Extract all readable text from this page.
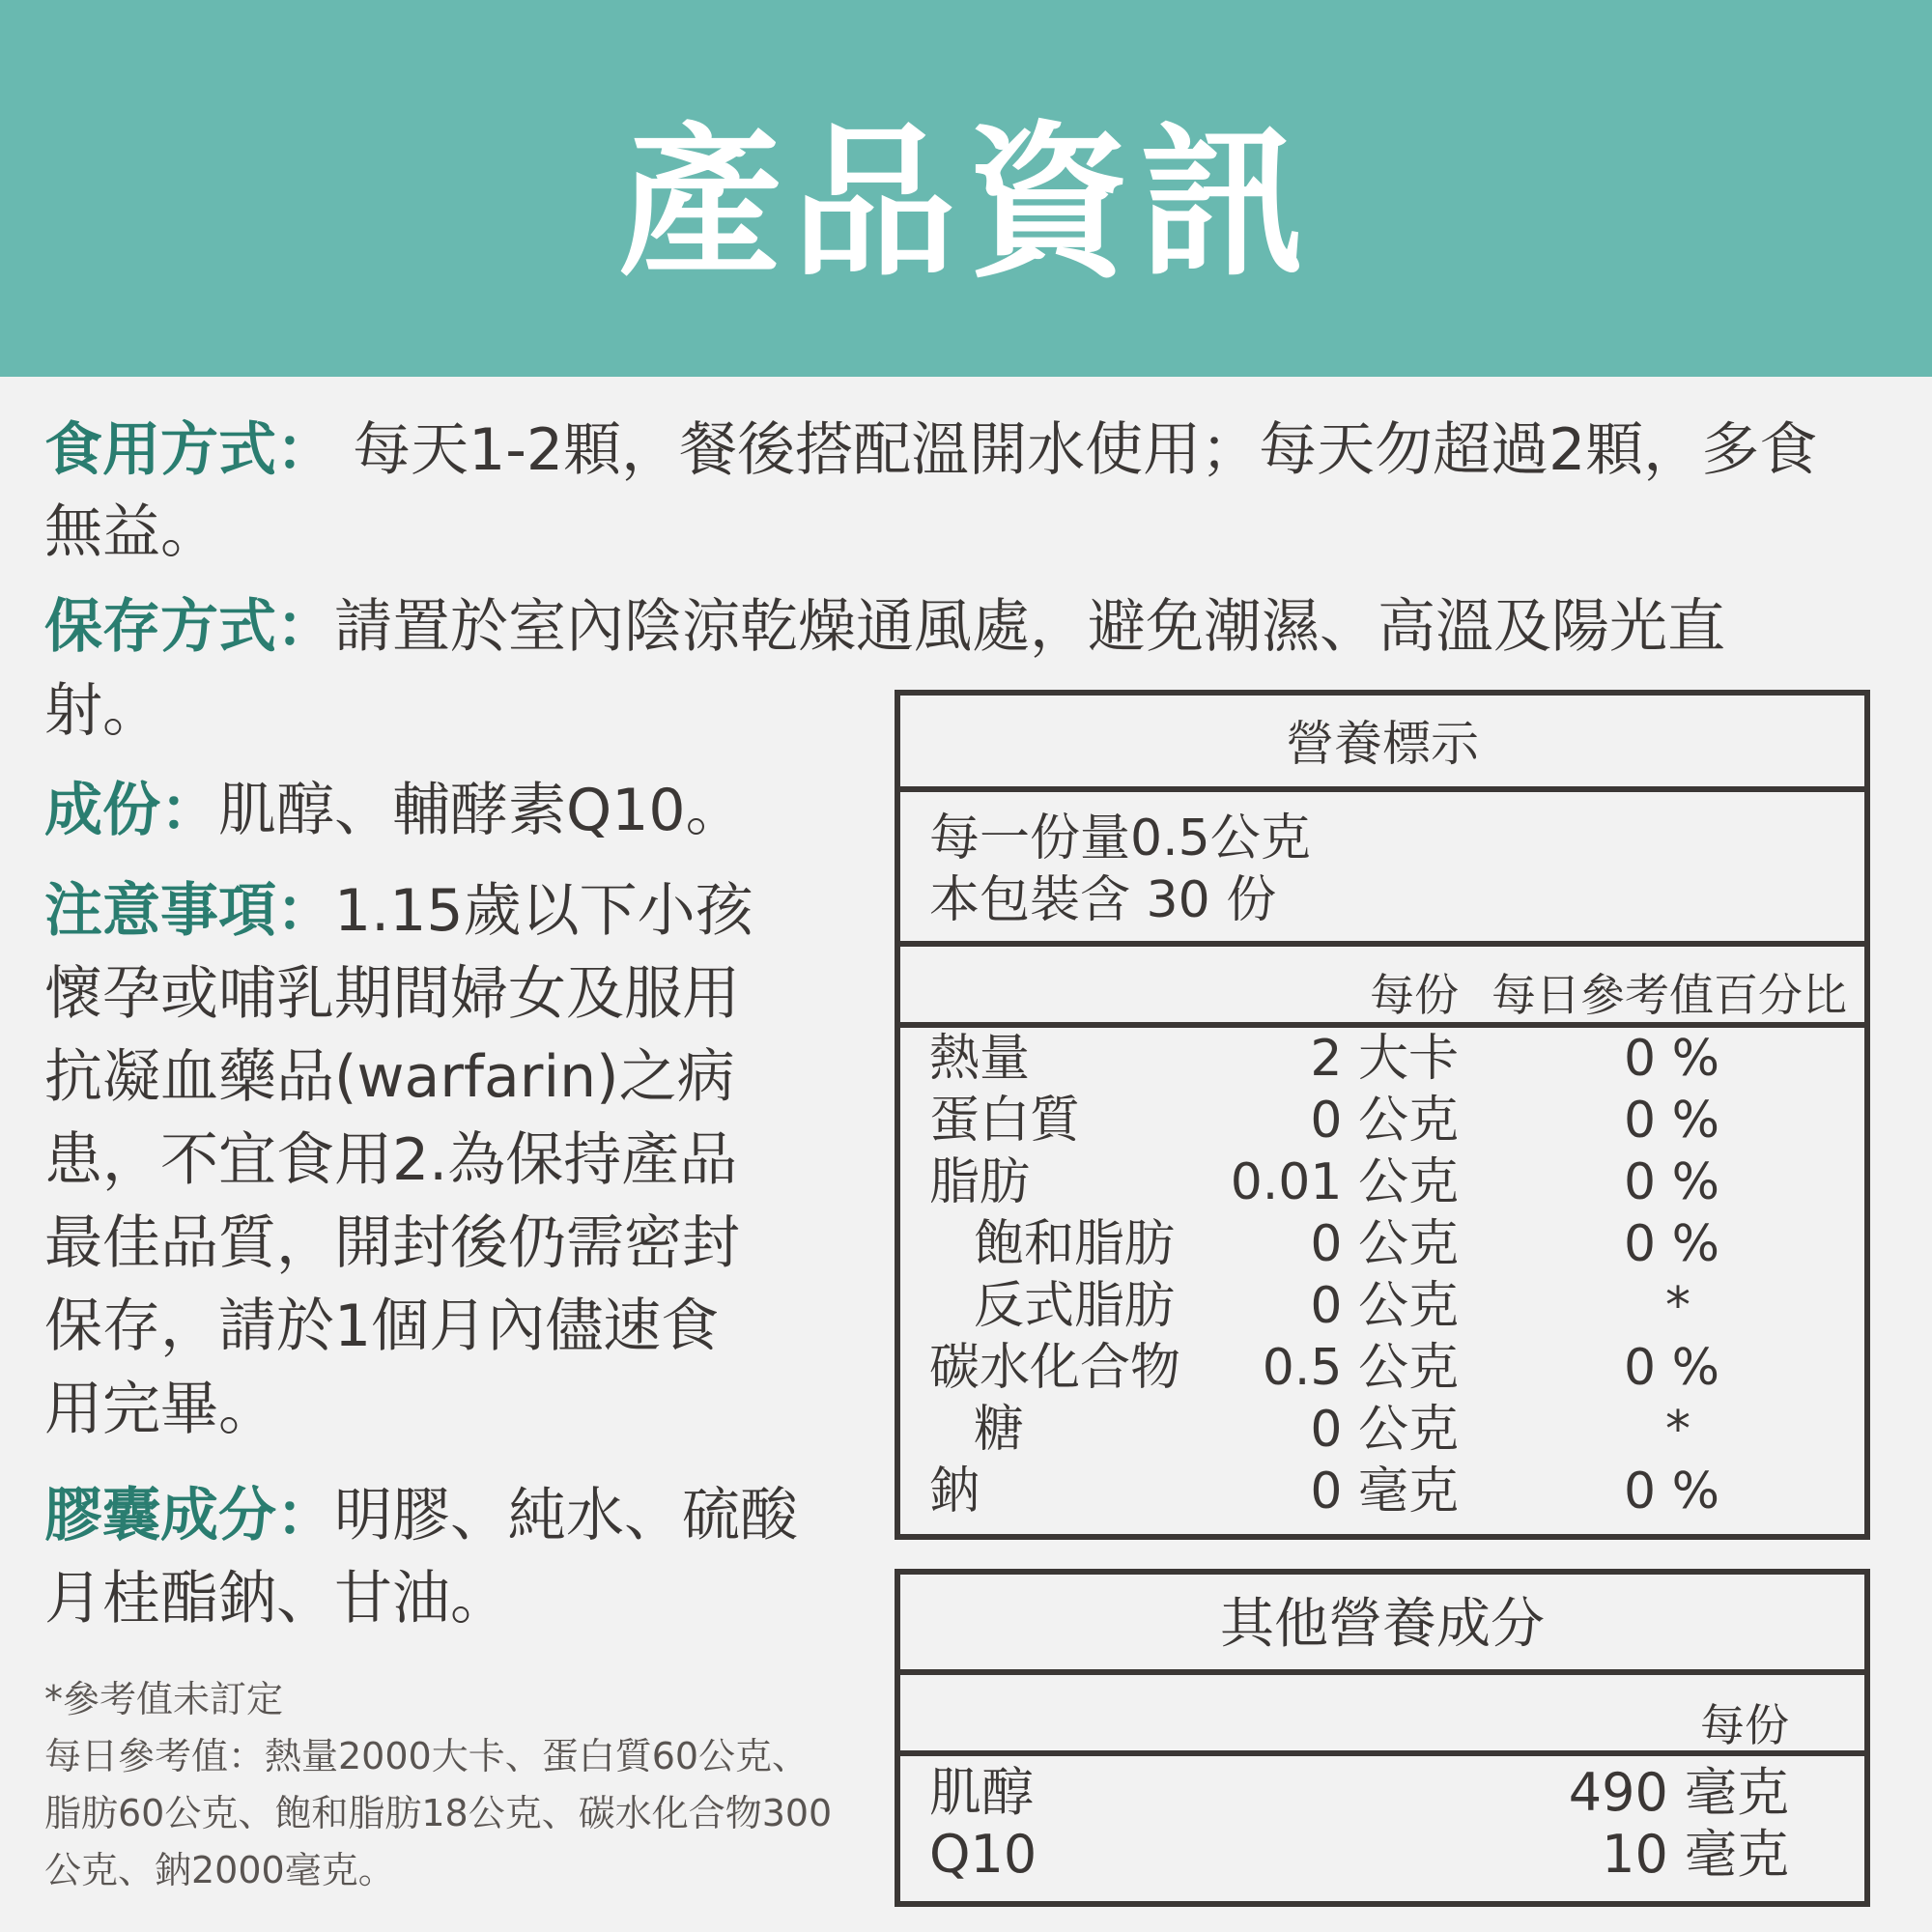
產品資訊
食用方式： 每天1-2顆，餐後搭配溫開水使用；每天勿超過2顆，多食
無益。
保存方式：請置於室內陰涼乾燥通風處，避免潮濕、高溫及陽光直
射。
成份：肌醇、輔酵素Q10。
注意事項：1.15歲以下小孩
懷孕或哺乳期間婦女及服用
抗凝血藥品(warfarin)之病
患，不宜食用2.為保持產品
最佳品質，開封後仍需密封
保存，請於1個月內儘速食
用完畢。
膠囊成分：明膠、純水、硫酸
月桂酯鈉、甘油。
*參考值未訂定
每日參考值：熱量2000大卡、蛋白質60公克、
脂肪60公克、飽和脂肪18公克、碳水化合物300
公克、鈉2000毫克。
營養標示
每一份量0.5公克
本包裝含 30 份
每份 每日參考值百分比
熱量	2 大卡	0 %
蛋白質	0 公克	0 %
脂肪	0.01 公克	0 %
飽和脂肪	0 公克	0 %
反式脂肪	0 公克	*
碳水化合物 0.5 公克	0 %
糖	0 公克	*
鈉	0 毫克	0 %
其他營養成分
每份
肌醇	490 毫克
Q10	10 毫克
